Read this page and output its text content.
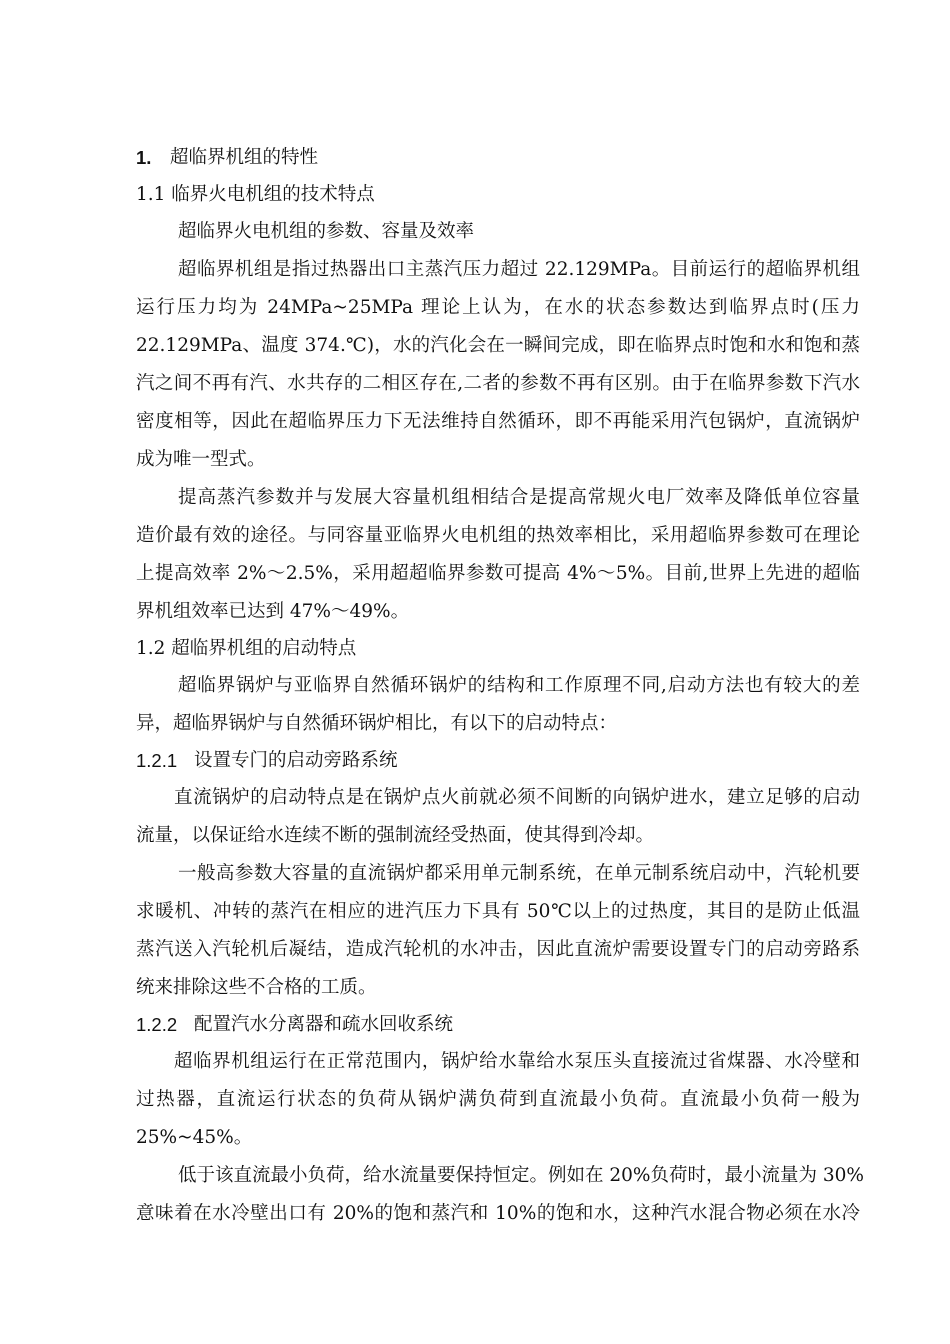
1. 超临界机组的特性
1.1 临界火电机组的技术特点
超临界火电机组的参数、容量及效率
超临界机组是指过热器出口主蒸汽压力超过 22.129MPa。目前运行的超临界机组
运行压力均为 24MPa~25MPa 理论上认为，在水的状态参数达到临界点时(压力
22.129MPa、温度 374.℃)，水的汽化会在一瞬间完成，即在临界点时饱和水和饱和蒸
汽之间不再有汽、水共存的二相区存在,二者的参数不再有区别。由于在临界参数下汽水
密度相等，因此在超临界压力下无法维持自然循环，即不再能采用汽包锅炉，直流锅炉
成为唯一型式。
提高蒸汽参数并与发展大容量机组相结合是提高常规火电厂效率及降低单位容量
造价最有效的途径。与同容量亚临界火电机组的热效率相比，采用超临界参数可在理论
上提高效率 2%～2.5%，采用超超临界参数可提高 4%～5%。目前,世界上先进的超临
界机组效率已达到 47%～49%。
1.2 超临界机组的启动特点
超临界锅炉与亚临界自然循环锅炉的结构和工作原理不同,启动方法也有较大的差
异，超临界锅炉与自然循环锅炉相比，有以下的启动特点：
1.2.1 设置专门的启动旁路系统
直流锅炉的启动特点是在锅炉点火前就必须不间断的向锅炉进水，建立足够的启动
流量，以保证给水连续不断的强制流经受热面，使其得到冷却。
一般高参数大容量的直流锅炉都采用单元制系统，在单元制系统启动中，汽轮机要
求暖机、冲转的蒸汽在相应的进汽压力下具有 50℃以上的过热度，其目的是防止低温
蒸汽送入汽轮机后凝结，造成汽轮机的水冲击，因此直流炉需要设置专门的启动旁路系
统来排除这些不合格的工质。
1.2.2 配置汽水分离器和疏水回收系统
超临界机组运行在正常范围内，锅炉给水靠给水泵压头直接流过省煤器、水冷壁和
过热器，直流运行状态的负荷从锅炉满负荷到直流最小负荷。直流最小负荷一般为
25%~45%。
低于该直流最小负荷，给水流量要保持恒定。例如在 20%负荷时，最小流量为 30%
意味着在水冷壁出口有 20%的饱和蒸汽和 10%的饱和水，这种汽水混合物必须在水冷
